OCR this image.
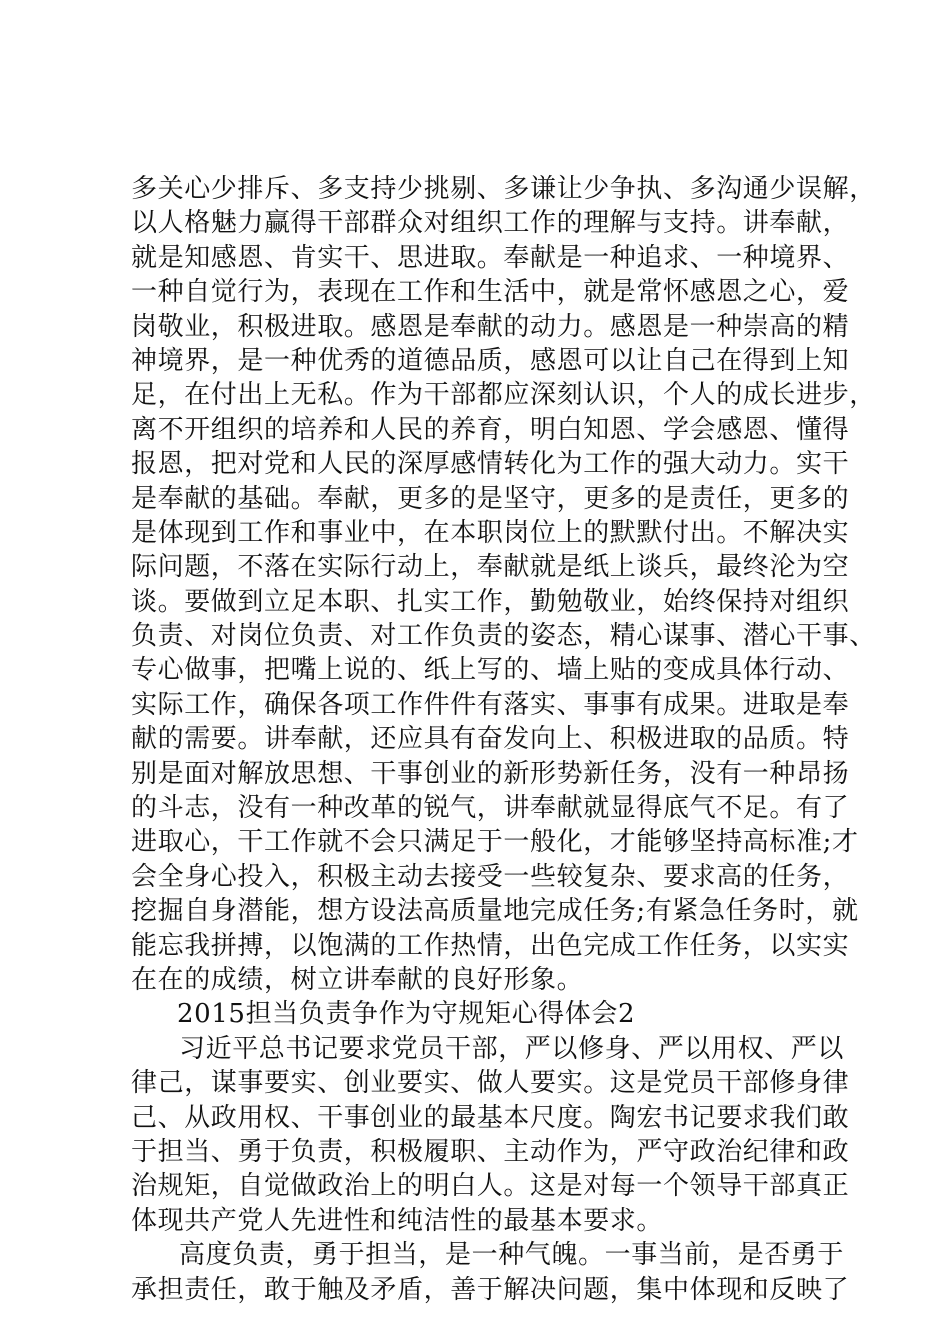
多关心少排斥、多支持少挑剔、多谦让少争执、多沟通少误解，
以人格魅力赢得干部群众对组织工作的理解与支持。讲奉献，
就是知感恩、肯实干、思进取。奉献是一种追求、一种境界、
一种自觉行为，表现在工作和生活中，就是常怀感恩之心，爱
岗敬业，积极进取。感恩是奉献的动力。感恩是一种崇高的精
神境界，是一种优秀的道德品质，感恩可以让自己在得到上知
足，在付出上无私。作为干部都应深刻认识，个人的成长进步，
离不开组织的培养和人民的养育，明白知恩、学会感恩、懂得
报恩，把对党和人民的深厚感情转化为工作的强大动力。实干
是奉献的基础。奉献，更多的是坚守，更多的是责任，更多的
是体现到工作和事业中，在本职岗位上的默默付出。不解决实
际问题，不落在实际行动上，奉献就是纸上谈兵，最终沦为空
谈。要做到立足本职、扎实工作，勤勉敬业，始终保持对组织
负责、对岗位负责、对工作负责的姿态，精心谋事、潜心干事、
专心做事，把嘴上说的、纸上写的、墙上贴的变成具体行动、
实际工作，确保各项工作件件有落实、事事有成果。进取是奉
献的需要。讲奉献，还应具有奋发向上、积极进取的品质。特
别是面对解放思想、干事创业的新形势新任务，没有一种昂扬
的斗志，没有一种改革的锐气，讲奉献就显得底气不足。有了
进取心，干工作就不会只满足于一般化，才能够坚持高标准;才
会全身心投入，积极主动去接受一些较复杂、要求高的任务，
挖掘自身潜能，想方设法高质量地完成任务;有紧急任务时，就
能忘我拼搏，以饱满的工作热情，出色完成工作任务，以实实
在在的成绩，树立讲奉献的良好形象。
2015担当负责争作为守规矩心得体会2
习近平总书记要求党员干部，严以修身、严以用权、严以
律己，谋事要实、创业要实、做人要实。这是党员干部修身律
己、从政用权、干事创业的最基本尺度。陶宏书记要求我们敢
于担当、勇于负责，积极履职、主动作为，严守政治纪律和政
治规矩，自觉做政治上的明白人。这是对每一个领导干部真正
体现共产党人先进性和纯洁性的最基本要求。
高度负责，勇于担当，是一种气魄。一事当前，是否勇于
承担责任，敢于触及矛盾，善于解决问题，集中体现和反映了
